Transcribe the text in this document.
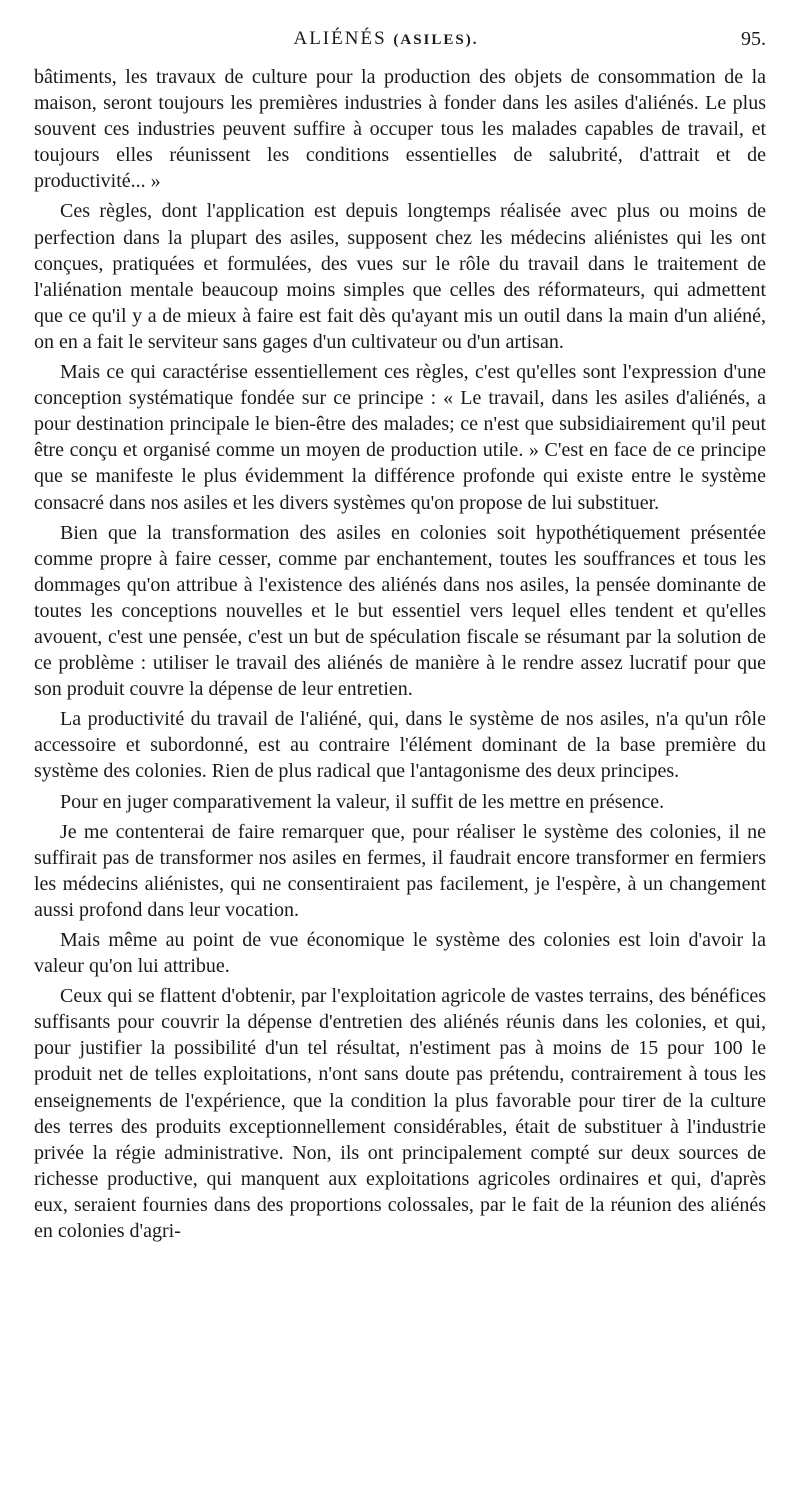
ALIÉNÉS (ASILES).	95.

bâtiments, les travaux de culture pour la production des objets de consommation de la maison, seront toujours les premières industries à fonder dans les asiles d'aliénés. Le plus souvent ces industries peuvent suffire à occuper tous les malades capables de travail, et toujours elles réunissent les conditions essentielles de salubrité, d'attrait et de productivité... »

Ces règles, dont l'application est depuis longtemps réalisée avec plus ou moins de perfection dans la plupart des asiles, supposent chez les médecins aliénistes qui les ont conçues, pratiquées et formulées, des vues sur le rôle du travail dans le traitement de l'aliénation mentale beaucoup moins simples que celles des réformateurs, qui admettent que ce qu'il y a de mieux à faire est fait dès qu'ayant mis un outil dans la main d'un aliéné, on en a fait le serviteur sans gages d'un cultivateur ou d'un artisan.

Mais ce qui caractérise essentiellement ces règles, c'est qu'elles sont l'expression d'une conception systématique fondée sur ce principe : « Le travail, dans les asiles d'aliénés, a pour destination principale le bien-être des malades; ce n'est que subsidiairement qu'il peut être conçu et organisé comme un moyen de production utile. » C'est en face de ce principe que se manifeste le plus évidemment la différence profonde qui existe entre le système consacré dans nos asiles et les divers systèmes qu'on propose de lui substituer.

Bien que la transformation des asiles en colonies soit hypothétiquement présentée comme propre à faire cesser, comme par enchantement, toutes les souffrances et tous les dommages qu'on attribue à l'existence des aliénés dans nos asiles, la pensée dominante de toutes les conceptions nouvelles et le but essentiel vers lequel elles tendent et qu'elles avouent, c'est une pensée, c'est un but de spéculation fiscale se résumant par la solution de ce problème : utiliser le travail des aliénés de manière à le rendre assez lucratif pour que son produit couvre la dépense de leur entretien.

La productivité du travail de l'aliéné, qui, dans le système de nos asiles, n'a qu'un rôle accessoire et subordonné, est au contraire l'élément dominant de la base première du système des colonies. Rien de plus radical que l'antagonisme des deux principes.

Pour en juger comparativement la valeur, il suffit de les mettre en présence.

Je me contenterai de faire remarquer que, pour réaliser le système des colonies, il ne suffirait pas de transformer nos asiles en fermes, il faudrait encore transformer en fermiers les médecins aliénistes, qui ne consentiraient pas facilement, je l'espère, à un changement aussi profond dans leur vocation.

Mais même au point de vue économique le système des colonies est loin d'avoir la valeur qu'on lui attribue.

Ceux qui se flattent d'obtenir, par l'exploitation agricole de vastes terrains, des bénéfices suffisants pour couvrir la dépense d'entretien des aliénés réunis dans les colonies, et qui, pour justifier la possibilité d'un tel résultat, n'estiment pas à moins de 15 pour 100 le produit net de telles exploitations, n'ont sans doute pas prétendu, contrairement à tous les enseignements de l'expérience, que la condition la plus favorable pour tirer de la culture des terres des produits exceptionnellement considérables, était de substituer à l'industrie privée la régie administrative. Non, ils ont principalement compté sur deux sources de richesse productive, qui manquent aux exploitations agricoles ordinaires et qui, d'après eux, seraient fournies dans des proportions colossales, par le fait de la réunion des aliénés en colonies d'agri-
